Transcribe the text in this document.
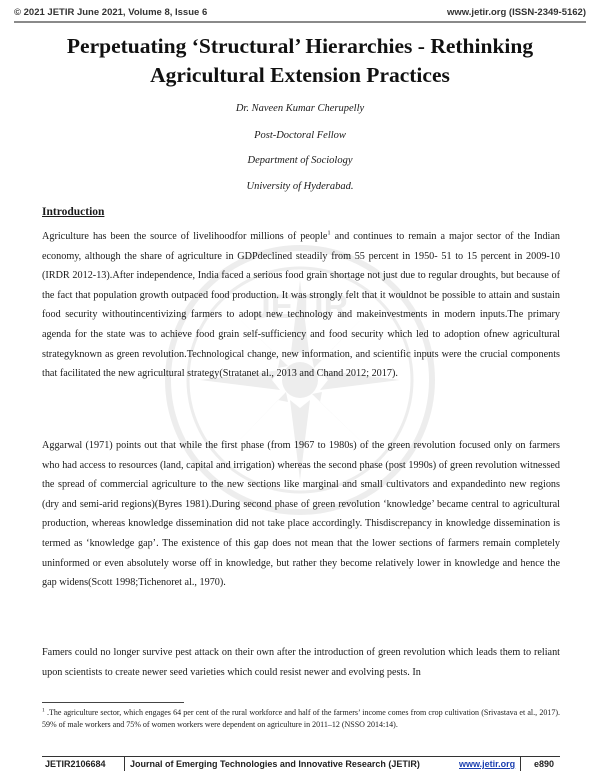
© 2021 JETIR June 2021, Volume 8, Issue 6	www.jetir.org (ISSN-2349-5162)
JETIR
Perpetuating ‘Structural’ Hierarchies - Rethinking
Agricultural Extension Practices
Dr. Naveen Kumar Cherupelly
Post-Doctoral Fellow
Department of Sociology
University of Hyderabad.
Introduction

Agriculture has been the source of livelihoodfor millions of people$^1$ and continues to remain a major sector of the Indian economy, although the share of agriculture in GDPdeclined steadily from 55 percent in 1950- 51 to 15 percent in 2009-10 (IRDR 2012-13).After independence, India faced a serious food grain shortage not just due to regular droughts, but because of the fact that population growth outpaced food production. It was strongly felt that it wouldnot be possible to attain and sustain food security withoutincentivizing farmers to adopt new technology and makeinvestments in modern inputs.The primary agenda for the state was to achieve food grain self-sufficiency and food security which led to adoption ofnew agricultural strategyknown as green revolution.Technological change, new information, and scientific inputs were the crucial components that facilitated the new agricultural strategy(Stratanet al., 2013 and Chand 2012; 2017).

Aggarwal (1971) points out that while the first phase (from 1967 to 1980s) of the green revolution focused only on farmers who had access to resources (land, capital and irrigation) whereas the second phase (post 1990s) of green revolution witnessed the spread of commercial agriculture to the new sections like marginal and small cultivators and expandedinto new regions (dry and semi-arid regions)(Byres 1981).During second phase of green revolution ‘knowledge’ became central to agricultural production, whereas knowledge dissemination did not take place accordingly. Thisdiscrepancy in knowledge dissemination is termed as ‘knowledge gap’. The existence of this gap does not mean that the lower sections of farmers remain completely uninformed or even absolutely worse off in knowledge, but rather they become relatively lower in knowledge and hence the gap widens(Scott 1998;Tichenoret al., 1970).

Famers could no longer survive pest attack on their own after the introduction of green revolution which leads them to reliant upon scientists to create newer seed varieties which could resist newer and evolving pests. In

$^1$ .The agriculture sector, which engages 64 per cent of the rural workforce and half of the farmers’ income comes from crop cultivation (Srivastava et al., 2017). 59% of male workers and 75% of women workers were dependent on agriculture in 2011–12 (NSSO 2014:14).
JETIR2106684	Journal of Emerging Technologies and Innovative Research (JETIR)	www.jetir.org e890
